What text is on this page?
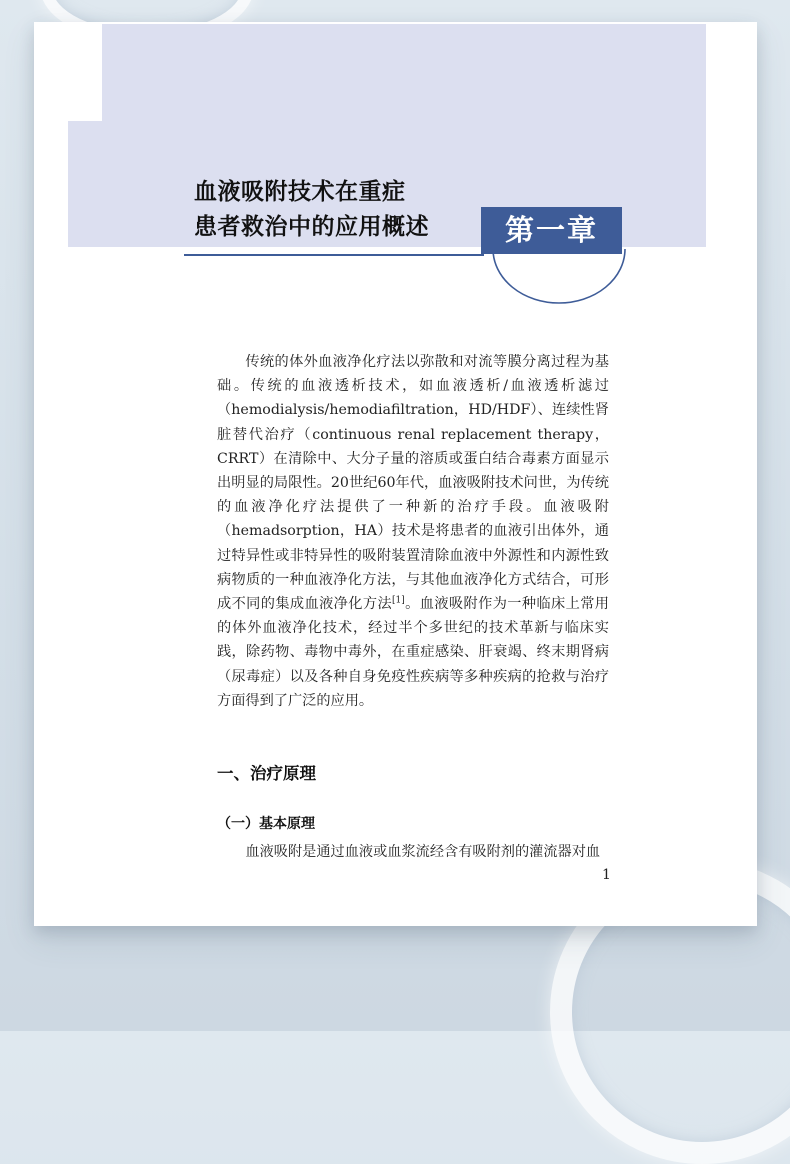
血液吸附技术在重症
患者救治中的应用概述	第一章

传统的体外血液净化疗法以弥散和对流等膜分离过程为基础。传统的血液透析技术，如血液透析/血液透析滤过（hemodialysis/hemodiafiltration，HD/HDF）、连续性肾脏替代治疗（continuous renal replacement therapy，CRRT）在清除中、大分子量的溶质或蛋白结合毒素方面显示出明显的局限性。20世纪60年代，血液吸附技术问世，为传统的血液净化疗法提供了一种新的治疗手段。血液吸附（hemadsorption，HA）技术是将患者的血液引出体外，通过特异性或非特异性的吸附装置清除血液中外源性和内源性致病物质的一种血液净化方法，与其他血液净化方式结合，可形成不同的集成血液净化方法[1]。血液吸附作为一种临床上常用的体外血液净化技术，经过半个多世纪的技术革新与临床实践，除药物、毒物中毒外，在重症感染、肝衰竭、终末期肾病（尿毒症）以及各种自身免疫性疾病等多种疾病的抢救与治疗方面得到了广泛的应用。

一、治疗原理
（一）基本原理

血液吸附是通过血液或血浆流经含有吸附剂的灌流器对血

1
